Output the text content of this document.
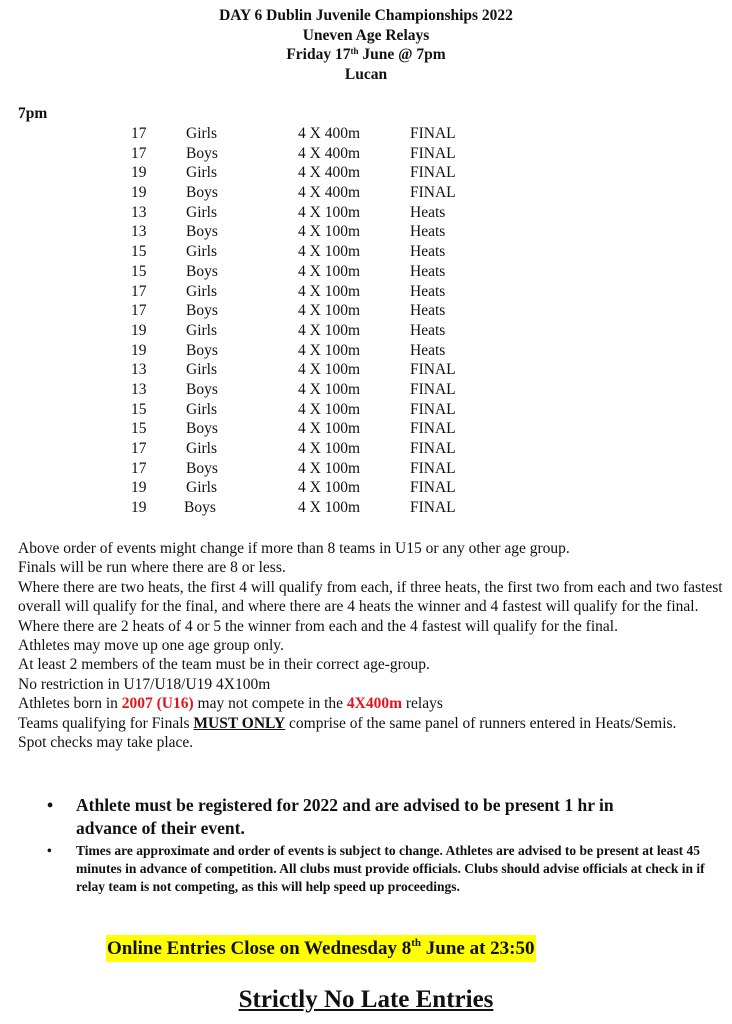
DAY 6 Dublin Juvenile Championships 2022
Uneven Age Relays
Friday 17th June @ 7pm
Lucan
7pm
17	Girls	4 X 400m	FINAL
17	Boys	4 X 400m	FINAL
19	Girls	4 X 400m	FINAL
19	Boys	4 X 400m	FINAL
13	Girls	4 X 100m	Heats
13	Boys	4 X 100m	Heats
15	Girls	4 X 100m	Heats
15	Boys	4 X 100m	Heats
17	Girls	4 X 100m	Heats
17	Boys	4 X 100m	Heats
19	Girls	4 X 100m	Heats
19	Boys	4 X 100m	Heats
13	Girls	4 X 100m	FINAL
13	Boys	4 X 100m	FINAL
15	Girls	4 X 100m	FINAL
15	Boys	4 X 100m	FINAL
17	Girls	4 X 100m	FINAL
17	Boys	4 X 100m	FINAL
19	Girls	4 X 100m	FINAL
19 Boys	4 X 100m	FINAL

Above order of events might change if more than 8 teams in U15 or any other age group.

Finals will be run where there are 8 or less.

Where there are two heats, the first 4 will qualify from each, if three heats, the first two from each and two fastest overall will qualify for the final, and where there are 4 heats the winner and 4 fastest will qualify for the final. Where there are 2 heats of 4 or 5 the winner from each and the 4 fastest will qualify for the final.

Athletes may move up one age group only.

At least 2 members of the team must be in their correct age-group.

No restriction in U17/U18/U19 4X100m

Athletes born in 2007 (U16) may not compete in the 4X400m relays

Teams qualifying for Finals MUST ONLY comprise of the same panel of runners entered in Heats/Semis.

Spot checks may take place.

• Athlete must be registered for 2022 and are advised to be present 1 hr in advance of their event.
• Times are approximate and order of events is subject to change. Athletes are advised to be present at least 45 minutes in advance of competition. All clubs must provide officials. Clubs should advise officials at check in if relay team is not competing, as this will help speed up proceedings.
Online Entries Close on Wednesday 8th June at 23:50
Strictly No Late Entries
